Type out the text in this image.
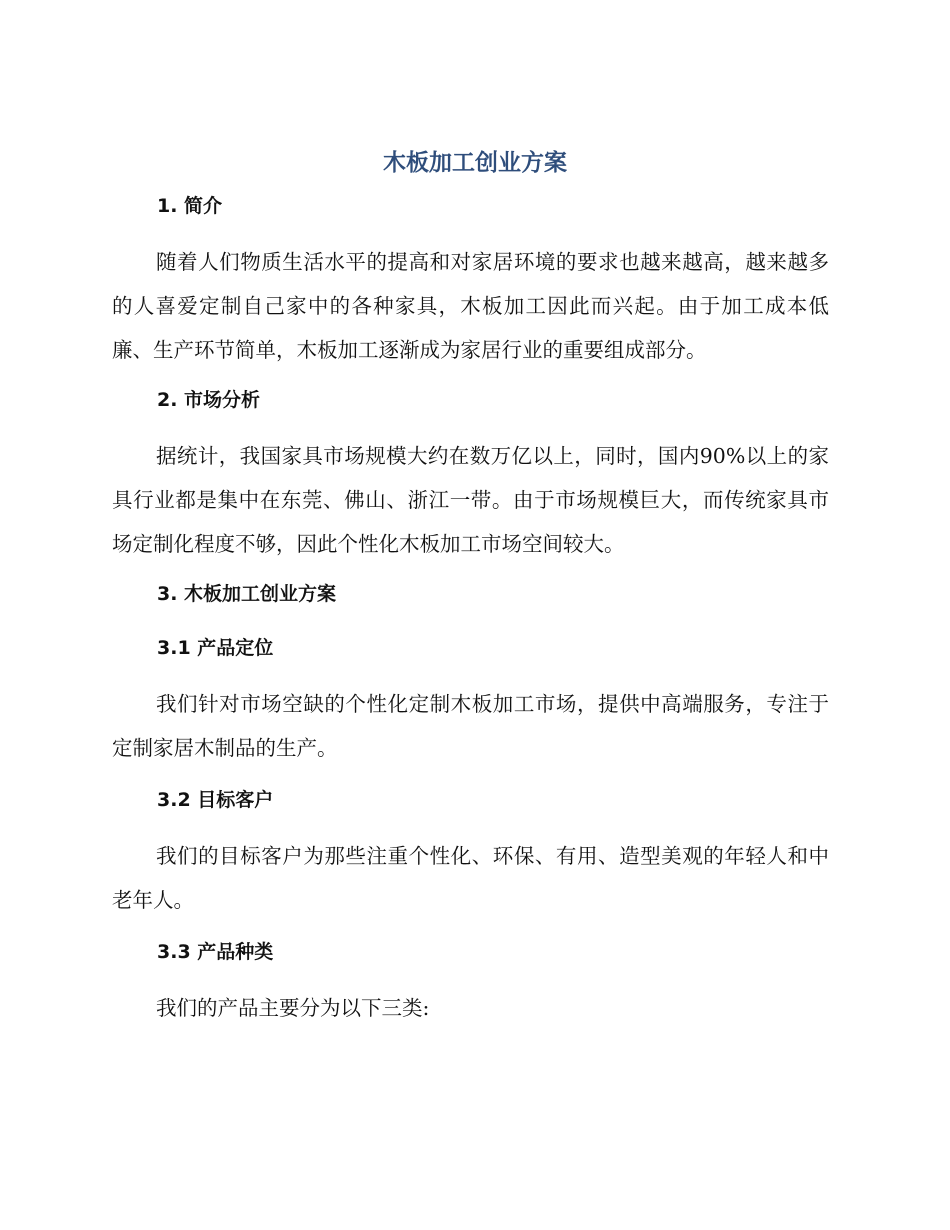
木板加工创业方案
1. 简介

随着人们物质生活水平的提高和对家居环境的要求也越来越高，越来越多的人喜爱定制自己家中的各种家具，木板加工因此而兴起。由于加工成本低廉、生产环节简单，木板加工逐渐成为家居行业的重要组成部分。

2. 市场分析

据统计，我国家具市场规模大约在数万亿以上，同时，国内90%以上的家具行业都是集中在东莞、佛山、浙江一带。由于市场规模巨大，而传统家具市场定制化程度不够，因此个性化木板加工市场空间较大。

3. 木板加工创业方案
3.1 产品定位

我们针对市场空缺的个性化定制木板加工市场，提供中高端服务，专注于定制家居木制品的生产。

3.2 目标客户

我们的目标客户为那些注重个性化、环保、有用、造型美观的年轻人和中老年人。

3.3 产品种类

我们的产品主要分为以下三类:
